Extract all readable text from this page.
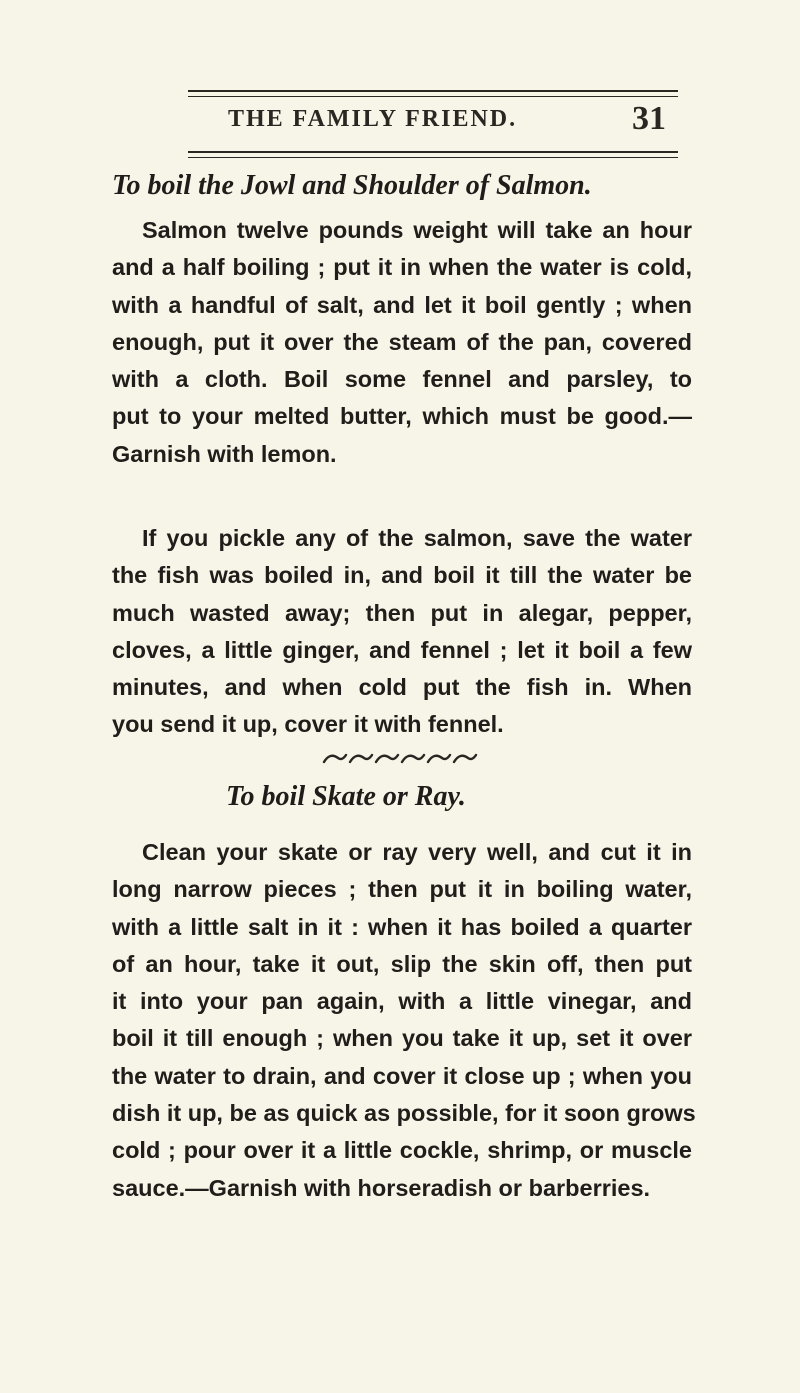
THE FAMILY FRIEND.	31
To boil the Jowl and Shoulder of Salmon.
Salmon twelve pounds weight will take an hour
and a half boiling ; put it in when the water is cold,
with a handful of salt, and let it boil gently ; when
enough, put it over the steam of the pan, covered
with a cloth. Boil some fennel and parsley, to
put to your melted butter, which must be good.—
Garnish with lemon.
If you pickle any of the salmon, save the water
the fish was boiled in, and boil it till the water be
much wasted away; then put in alegar, pepper,
cloves, a little ginger, and fennel ; let it boil a few
minutes, and when cold put the fish in. When
you send it up, cover it with fennel.
To boil Skate or Ray.
Clean your skate or ray very well, and cut it in
long narrow pieces ; then put it in boiling water,
with a little salt in it : when it has boiled a quarter
of an hour, take it out, slip the skin off, then put
it into your pan again, with a little vinegar, and
boil it till enough ; when you take it up, set it over
the water to drain, and cover it close up ; when you
dish it up, be as quick as possible, for it soon grows
cold ; pour over it a little cockle, shrimp, or muscle
sauce.—Garnish with horseradish or barberries.
